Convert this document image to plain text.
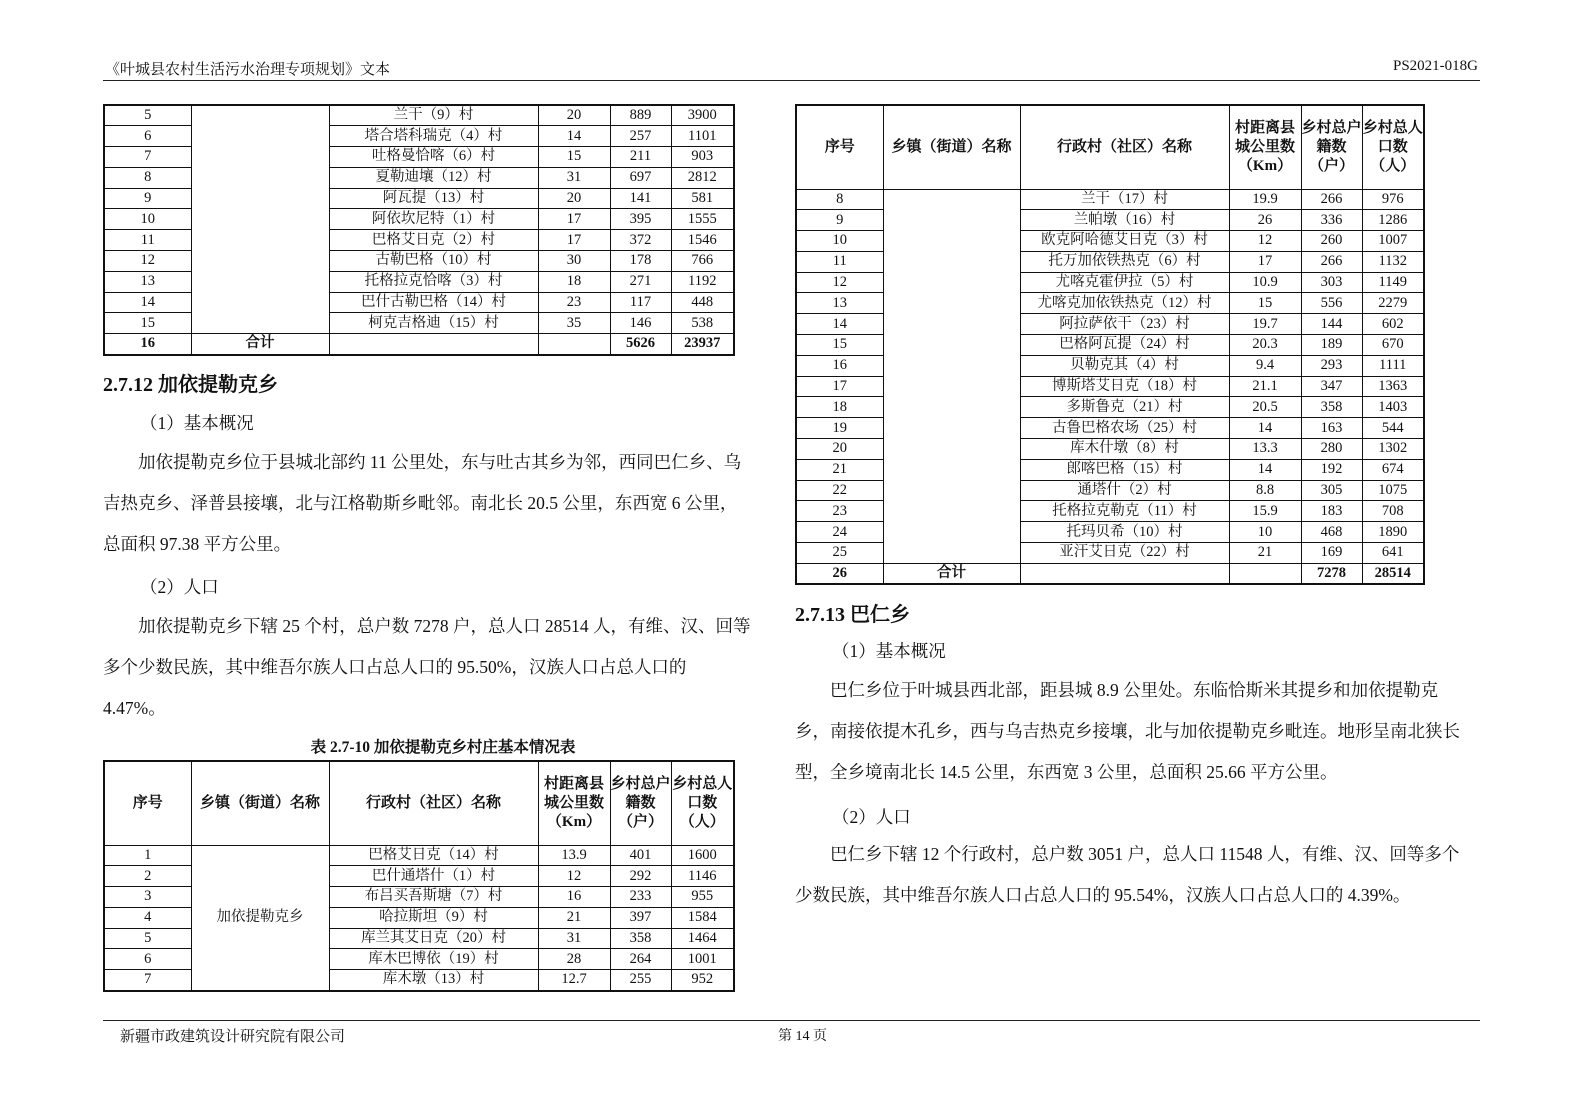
《叶城县农村生活污水治理专项规划》文本	PS2021-018G
5		兰干（9）村	20	889	3900
6		塔合塔科瑞克（4）村	14	257	1101
7		吐格曼恰喀（6）村	15	211	903
8		夏勒迪壤（12）村	31	697	2812
9		阿瓦提（13）村	20	141	581
10		阿依坎尼特（1）村	17	395	1555
11		巴格艾日克（2）村	17	372	1546
12		古勒巴格（10）村	30	178	766
13		托格拉克恰喀（3）村	18	271	1192
14		巴什古勒巴格（14）村	23	117	448
15		柯克吉格迪（15）村	35	146	538
16	合计			5626	23937
2.7.12 加依提勒克乡
（1）基本概况
加依提勒克乡位于县城北部约 11 公里处，东与吐古其乡为邻，西同巴仁乡、乌吉热克乡、泽普县接壤，北与江格勒斯乡毗邻。南北长 20.5 公里，东西宽 6 公里，总面积 97.38 平方公里。
（2）人口
加依提勒克乡下辖 25 个村，总户数 7278 户，总人口 28514 人，有维、汉、回等多个少数民族，其中维吾尔族人口占总人口的 95.50%，汉族人口占总人口的 4.47%。
表 2.7-10 加依提勒克乡村庄基本情况表
序号	乡镇（街道）名称	行政村（社区）名称	村距离县城公里数（Km）	乡村总户籍数（户）	乡村总人口数（人）
1	加依提勒克乡	巴格艾日克（14）村	13.9	401	1600
2		巴什通塔什（1）村	12	292	1146
3		布吕买吾斯塘（7）村	16	233	955
4		哈拉斯坦（9）村	21	397	1584
5		库兰其艾日克（20）村	31	358	1464
6		库木巴博依（19）村	28	264	1001
7		库木墩（13）村	12.7	255	952
序号	乡镇（街道）名称	行政村（社区）名称	村距离县城公里数（Km）	乡村总户籍数（户）	乡村总人口数（人）
8		兰干（17）村	19.9	266	976
9		兰帕墩（16）村	26	336	1286
10		欧克阿哈德艾日克（3）村	12	260	1007
11		托万加依铁热克（6）村	17	266	1132
12		尤喀克霍伊拉（5）村	10.9	303	1149
13		尤喀克加依铁热克（12）村	15	556	2279
14		阿拉萨依干（23）村	19.7	144	602
15		巴格阿瓦提（24）村	20.3	189	670
16		贝勒克其（4）村	9.4	293	1111
17		博斯塔艾日克（18）村	21.1	347	1363
18		多斯鲁克（21）村	20.5	358	1403
19		古鲁巴格农场（25）村	14	163	544
20		库木什墩（8）村	13.3	280	1302
21		郎喀巴格（15）村	14	192	674
22		通塔什（2）村	8.8	305	1075
23		托格拉克勒克（11）村	15.9	183	708
24		托玛贝希（10）村	10	468	1890
25		亚汗艾日克（22）村	21	169	641
26	合计			7278	28514
2.7.13 巴仁乡
（1）基本概况
巴仁乡位于叶城县西北部，距县城 8.9 公里处。东临恰斯米其提乡和加依提勒克乡，南接依提木孔乡，西与乌吉热克乡接壤，北与加依提勒克乡毗连。地形呈南北狭长型，全乡境南北长 14.5 公里，东西宽 3 公里，总面积 25.66 平方公里。
（2）人口
巴仁乡下辖 12 个行政村，总户数 3051 户，总人口 11548 人，有维、汉、回等多个少数民族，其中维吾尔族人口占总人口的 95.54%，汉族人口占总人口的 4.39%。
新疆市政建筑设计研究院有限公司	第 14 页
